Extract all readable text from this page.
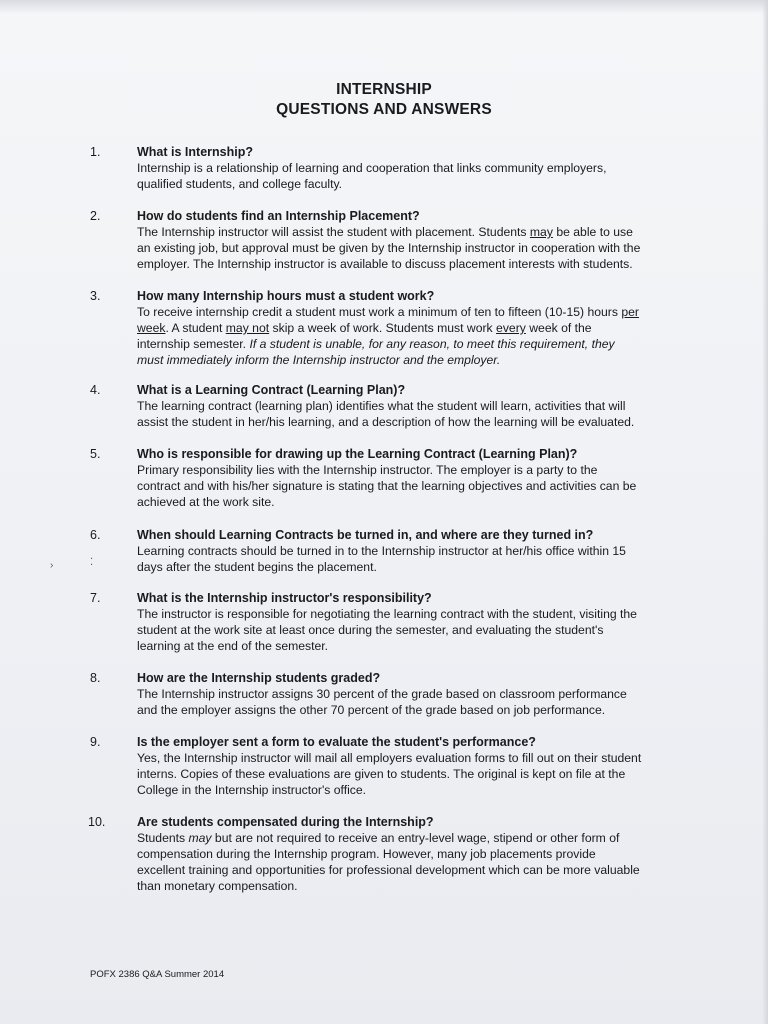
INTERNSHIP
QUESTIONS AND ANSWERS
1.	What is Internship?
Internship is a relationship of learning and cooperation that links community employers,
qualified students, and college faculty.
2.	How do students find an Internship Placement?
The Internship instructor will assist the student with placement. Students may be able to use
an existing job, but approval must be given by the Internship instructor in cooperation with the
employer. The Internship instructor is available to discuss placement interests with students.
3.	How many Internship hours must a student work?
To receive internship credit a student must work a minimum of ten to fifteen (10-15) hours per
week. A student may not skip a week of work. Students must work every week of the
internship semester. If a student is unable, for any reason, to meet this requirement, they
must immediately inform the Internship instructor and the employer.
4.	What is a Learning Contract (Learning Plan)?
The learning contract (learning plan) identifies what the student will learn, activities that will
assist the student in her/his learning, and a description of how the learning will be evaluated.
5.	Who is responsible for drawing up the Learning Contract (Learning Plan)?
Primary responsibility lies with the Internship instructor. The employer is a party to the
contract and with his/her signature is stating that the learning objectives and activities can be
achieved at the work site.
6.	When should Learning Contracts be turned in, and where are they turned in?
Learning contracts should be turned in to the Internship instructor at her/his office within 15
days after the student begins the placement.
7.	What is the Internship instructor's responsibility?
The instructor is responsible for negotiating the learning contract with the student, visiting the
student at the work site at least once during the semester, and evaluating the student's
learning at the end of the semester.
8.	How are the Internship students graded?
The Internship instructor assigns 30 percent of the grade based on classroom performance
and the employer assigns the other 70 percent of the grade based on job performance.
9.	Is the employer sent a form to evaluate the student's performance?
Yes, the Internship instructor will mail all employers evaluation forms to fill out on their student
interns. Copies of these evaluations are given to students. The original is kept on file at the
College in the Internship instructor's office.
10.	Are students compensated during the Internship?
Students may but are not required to receive an entry-level wage, stipend or other form of
compensation during the Internship program. However, many job placements provide
excellent training and opportunities for professional development which can be more valuable
than monetary compensation.
POFX 2386 Q&A Summer 2014
›	⁚
